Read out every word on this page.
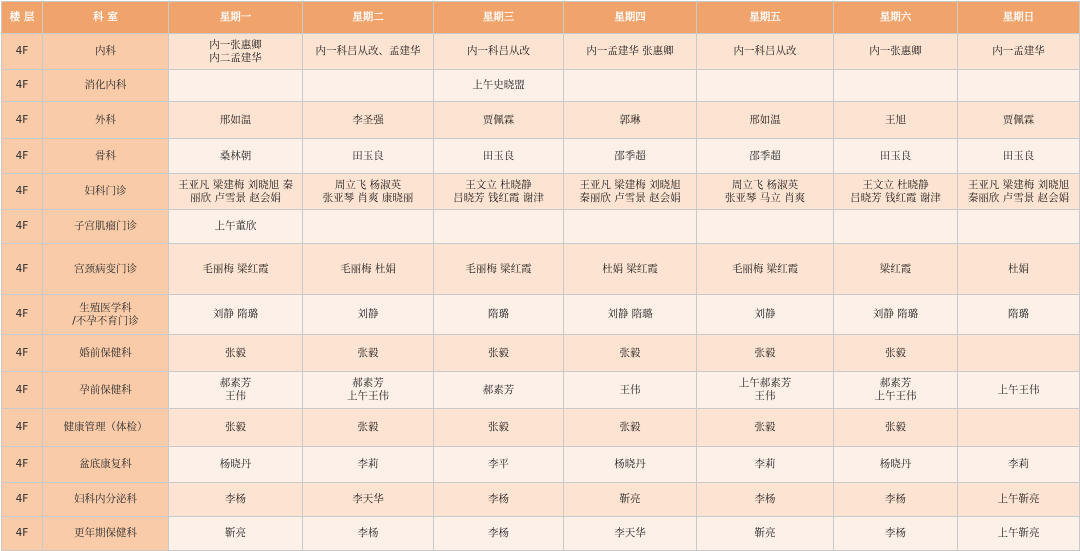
楼 层	科 室	星期一	星期二	星期三	星期四	星期五	星期六	星期日
4F	内科	内一张惠卿
内二孟建华	内一科吕从改、孟建华	内一科吕从改	内一孟建华 张惠卿	内一科吕从改	内一张惠卿	内一孟建华

4F	消化内科			上午史晓盟				

4F	外科	邢如温	李圣强	贾佩霖	郭琳	邢如温	王旭	贾佩霖

4F	骨科	桑林朝	田玉良	田玉良	邵季超	邵季超	田玉良	田玉良

4F	妇科门诊	王亚凡 梁建梅 刘晓旭 秦
丽欣 卢雪景 赵会娟	周立飞 杨淑英
张亚琴 肖爽 康晓丽	王文立 杜晓静
吕晓芳 钱红霞 谢津	王亚凡 梁建梅 刘晓旭
秦丽欣 卢雪景 赵会娟	周立飞 杨淑英
张亚琴 马立 肖爽	王文立 杜晓静
吕晓芳 钱红霞 谢津	王亚凡 梁建梅 刘晓旭
秦丽欣 卢雪景 赵会娟

4F	子宫肌瘤门诊	上午董欣						

4F	宫颈病变门诊	毛丽梅 梁红霞	毛丽梅 杜娟	毛丽梅 梁红霞	杜娟 梁红霞	毛丽梅 梁红霞	梁红霞	杜娟

4F	生殖医学科
/不孕不育门诊	刘静 隋璐	刘静	隋璐	刘静 隋璐	刘静	刘静 隋璐	隋璐

4F	婚前保健科	张毅	张毅	张毅	张毅	张毅	张毅	

4F	孕前保健科	郝素芳
王伟	郝素芳
上午王伟	郝素芳	王伟	上午郝素芳
王伟	郝素芳
上午王伟	上午王伟

4F	健康管理（体检）	张毅	张毅	张毅	张毅	张毅	张毅	

4F	盆底康复科	杨晓丹	李莉	李平	杨晓丹	李莉	杨晓丹	李莉

4F	妇科内分泌科	李杨	李天华	李杨	靳亮	李杨	李杨	上午靳亮

4F	更年期保健科	靳亮	李杨	李杨	李天华	靳亮	李杨	上午靳亮
